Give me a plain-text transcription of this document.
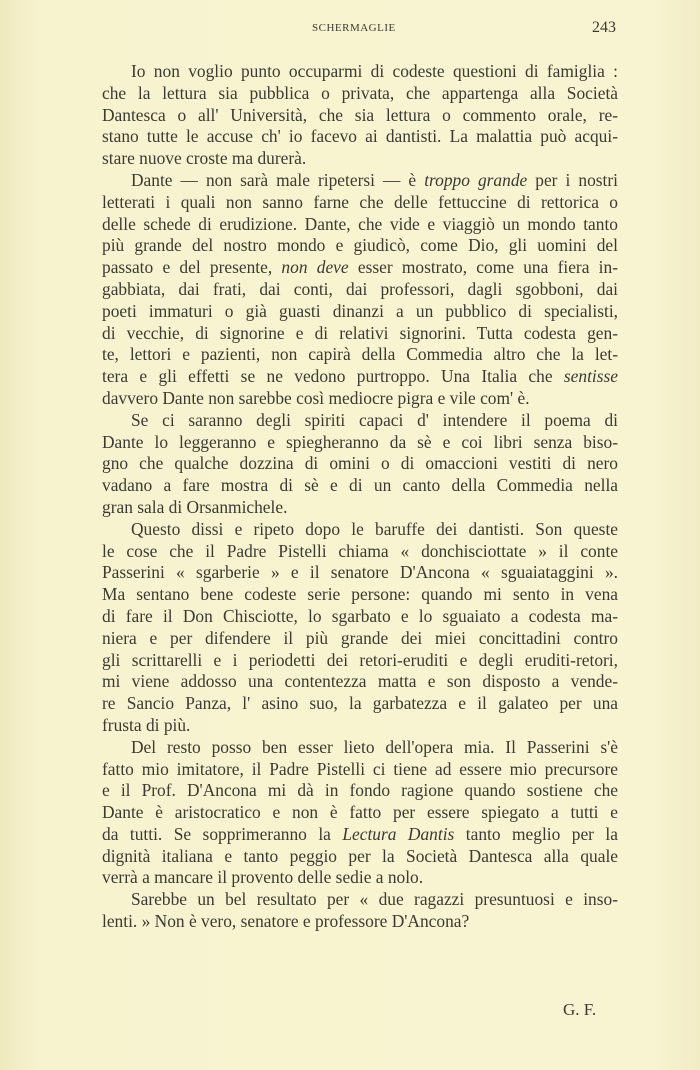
SCHERMAGLIE	243
Io non voglio punto occuparmi di codeste questioni di famiglia :
che la lettura sia pubblica o privata, che appartenga alla Società
Dantesca o all' Università, che sia lettura o commento orale, re-
stano tutte le accuse ch' io facevo ai dantisti. La malattia può acqui-
stare nuove croste ma durerà.
Dante — non sarà male ripetersi — è troppo grande per i nostri
letterati i quali non sanno farne che delle fettuccine di rettorica o
delle schede di erudizione. Dante, che vide e viaggiò un mondo tanto
più grande del nostro mondo e giudicò, come Dio, gli uomini del
passato e del presente, non deve esser mostrato, come una fiera in-
gabbiata, dai frati, dai conti, dai professori, dagli sgobboni, dai
poeti immaturi o già guasti dinanzi a un pubblico di specialisti,
di vecchie, di signorine e di relativi signorini. Tutta codesta gen-
te, lettori e pazienti, non capirà della Commedia altro che la let-
tera e gli effetti se ne vedono purtroppo. Una Italia che sentisse
davvero Dante non sarebbe così mediocre pigra e vile com' è.
Se ci saranno degli spiriti capaci d' intendere il poema di
Dante lo leggeranno e spiegheranno da sè e coi libri senza biso-
gno che qualche dozzina di omini o di omaccioni vestiti di nero
vadano a fare mostra di sè e di un canto della Commedia nella
gran sala di Orsanmichele.
Questo dissi e ripeto dopo le baruffe dei dantisti. Son queste
le cose che il Padre Pistelli chiama « donchisciottate » il conte
Passerini « sgarberie » e il senatore D'Ancona « sguaiataggini ».
Ma sentano bene codeste serie persone: quando mi sento in vena
di fare il Don Chisciotte, lo sgarbato e lo sguaiato a codesta ma-
niera e per difendere il più grande dei miei concittadini contro
gli scrittarelli e i periodetti dei retori-eruditi e degli eruditi-retori,
mi viene addosso una contentezza matta e son disposto a vende-
re Sancio Panza, l' asino suo, la garbatezza e il galateo per una
frusta di più.
Del resto posso ben esser lieto dell'opera mia. Il Passerini s'è
fatto mio imitatore, il Padre Pistelli ci tiene ad essere mio precursore
e il Prof. D'Ancona mi dà in fondo ragione quando sostiene che
Dante è aristocratico e non è fatto per essere spiegato a tutti e
da tutti. Se sopprimeranno la Lectura Dantis tanto meglio per la
dignità italiana e tanto peggio per la Società Dantesca alla quale
verrà a mancare il provento delle sedie a nolo.
Sarebbe un bel resultato per « due ragazzi presuntuosi e inso-
lenti. » Non è vero, senatore e professore D'Ancona?
G. F.
